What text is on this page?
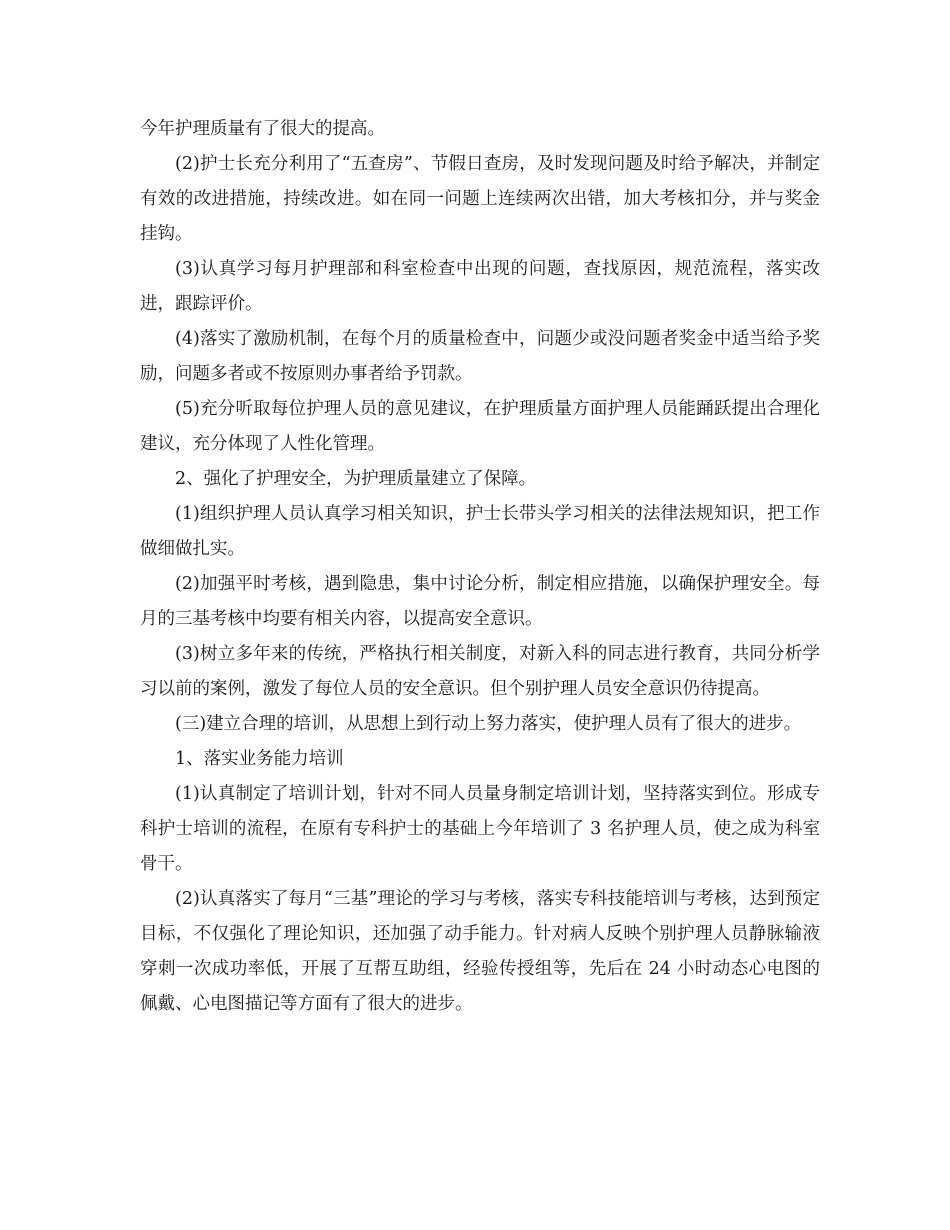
今年护理质量有了很大的提高。

(2)护士长充分利用了“五查房”、节假日查房，及时发现问题及时给予解决，并制定有效的改进措施，持续改进。如在同一问题上连续两次出错，加大考核扣分，并与奖金挂钩。

(3)认真学习每月护理部和科室检查中出现的问题，查找原因，规范流程，落实改进，跟踪评价。

(4)落实了激励机制，在每个月的质量检查中，问题少或没问题者奖金中适当给予奖励，问题多者或不按原则办事者给予罚款。

(5)充分听取每位护理人员的意见建议，在护理质量方面护理人员能踊跃提出合理化建议，充分体现了人性化管理。

2、强化了护理安全，为护理质量建立了保障。

(1)组织护理人员认真学习相关知识，护士长带头学习相关的法律法规知识，把工作做细做扎实。

(2)加强平时考核，遇到隐患，集中讨论分析，制定相应措施，以确保护理安全。每月的三基考核中均要有相关内容，以提高安全意识。

(3)树立多年来的传统，严格执行相关制度，对新入科的同志进行教育，共同分析学习以前的案例，激发了每位人员的安全意识。但个别护理人员安全意识仍待提高。

(三)建立合理的培训，从思想上到行动上努力落实，使护理人员有了很大的进步。

1、落实业务能力培训

(1)认真制定了培训计划，针对不同人员量身制定培训计划，坚持落实到位。形成专科护士培训的流程，在原有专科护士的基础上今年培训了 3 名护理人员，使之成为科室骨干。

(2)认真落实了每月“三基”理论的学习与考核，落实专科技能培训与考核，达到预定目标，不仅强化了理论知识，还加强了动手能力。针对病人反映个别护理人员静脉输液穿刺一次成功率低，开展了互帮互助组，经验传授组等，先后在 24 小时动态心电图的佩戴、心电图描记等方面有了很大的进步。
